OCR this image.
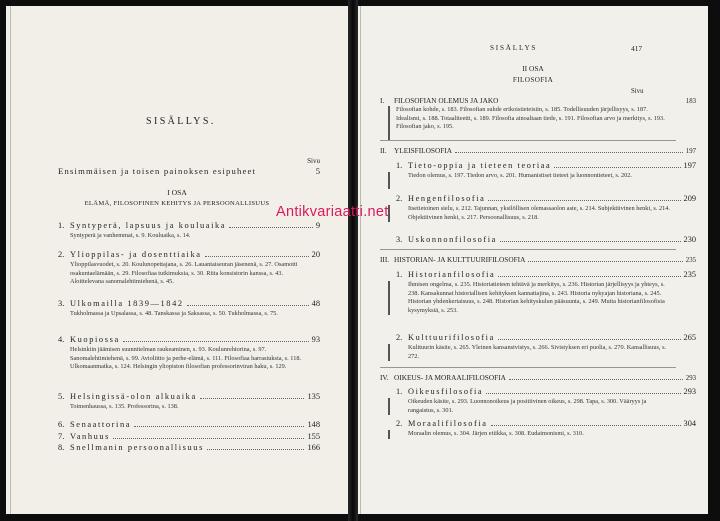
SISÄLLYS.
Sivu
Ensimmäisen ja toisen painoksen esipuheet	5
I OSA
ELÄMÄ, FILOSOFINEN KEHITYS JA PERSOONALLISUUS
1. Syntyperä, lapsuus ja kouluaika	9
Syntyperä ja vanhemmat, s. 9. Kouluaika, s. 14.
2. Ylioppilas- ja dosenttiaika	20
Ylioppilasvuodet, s. 20. Koulunopettajana, s. 26. Lauantaiseuran jäsenenä, s. 27. Osamotti osakuntaelämään, s. 29. Filosofiaa tutkimuksia, s. 30. Riita konsistorin kanssa, s. 43. Aloittelevana sanomalehtimiehenä, s. 45.
3. Ulkomailla 1839—1842	48
Tukholmassa ja Upsalassa, s. 48. Tanskassa ja Saksassa, s. 50. Tukholmassa, s. 75.
4. Kuopiossa	93
Helsinkiin jäämisen suunnitelman raukeaminen, s. 93. Koulunrehtorina, s. 97. Sanomalehtimiehenä, s. 99. Avioliitto ja perhe-elämä, s. 111. Filosofiaa harrastuksia, s. 118. Ulkomaanmatka, s. 124. Helsingin yliopiston filosofian professorinviran haku, s. 129.
5. Helsingissä-olon alkuaika	135
Toimenhaussa, s. 135. Professorina, s. 138.
6. Senaattorina	148
7. Vanhuus	155
8. Snellmanin persoonallisuus	166
SISÄLLYS	417
II OSA
FILOSOFIA
Sivu
I.	FILOSOFIAN OLEMUS JA JAKO	183
Filosofian kohde, s. 183. Filosofian suhde erikoistieteisiin, s. 185. Todellisuuden järjellisyys, s. 187. Idealismi, s. 188. Totaaliteetti, s. 189. Filosofia ainoaltaan tiede, s. 191. Filosofian arvo ja merkitys, s. 193. Filosofian jako, s. 195.
II.	YLEISFILOSOFIA	197
1. Tieto-oppia ja tieteen teoriaa	197
Tiedon olemus, s. 197. Tiedon arvo, s. 201. Humanistiset tieteet ja luonnontieteet, s. 202.
2. Hengenfilosofia	209
Itsetietoinen sielu, s. 212. Tajunnan, yksilöllisen olemassaolon aste, s. 214. Subjektiivinen henki, s. 214. Objektiivinen henki, s. 217. Persoonallisuus, s. 218.
3. Uskonnonfilosofia	230
III. HISTORIAN- JA KULTTUURIFILOSOFIA	235
1. Historianfilosofia	235
Ihmisen ongelma, s. 235. Historiatieteen tehtävä ja merkitys, s. 236. Historian järjellisyys ja yhteys, s. 238. Kansakunnat historiallisen kehityksen kannattajina, s. 243. Historia nykyajan historiana, s. 245. Historian yhdenkertaisuus, s. 248. Historian kehityskulun pääsuunta, s. 249. Muita historianfilosofisia kysymyksiä, s. 253.
2. Kulttuurifilosofia	265
Kulttuurin käsite, s. 265. Yleinen kansansivistys, s. 266. Sivistyksen eri puolia, s. 270. Kansallisuus, s. 272.
IV. OIKEUS- JA MORAALIFILOSOFIA	293
1. Oikeusfilosofia	293
Oikeuden käsite, s. 293. Luonnonoikeus ja positiivinen oikeus, s. 298. Tapa, s. 300. Vääryys ja rangaistus, s. 301.
2. Moraalifilosofia	304
Moraalin olemus, s. 304. Järjen etiikka, s. 308. Eudaimonismi, s. 310.
Antikvariaatti.net
